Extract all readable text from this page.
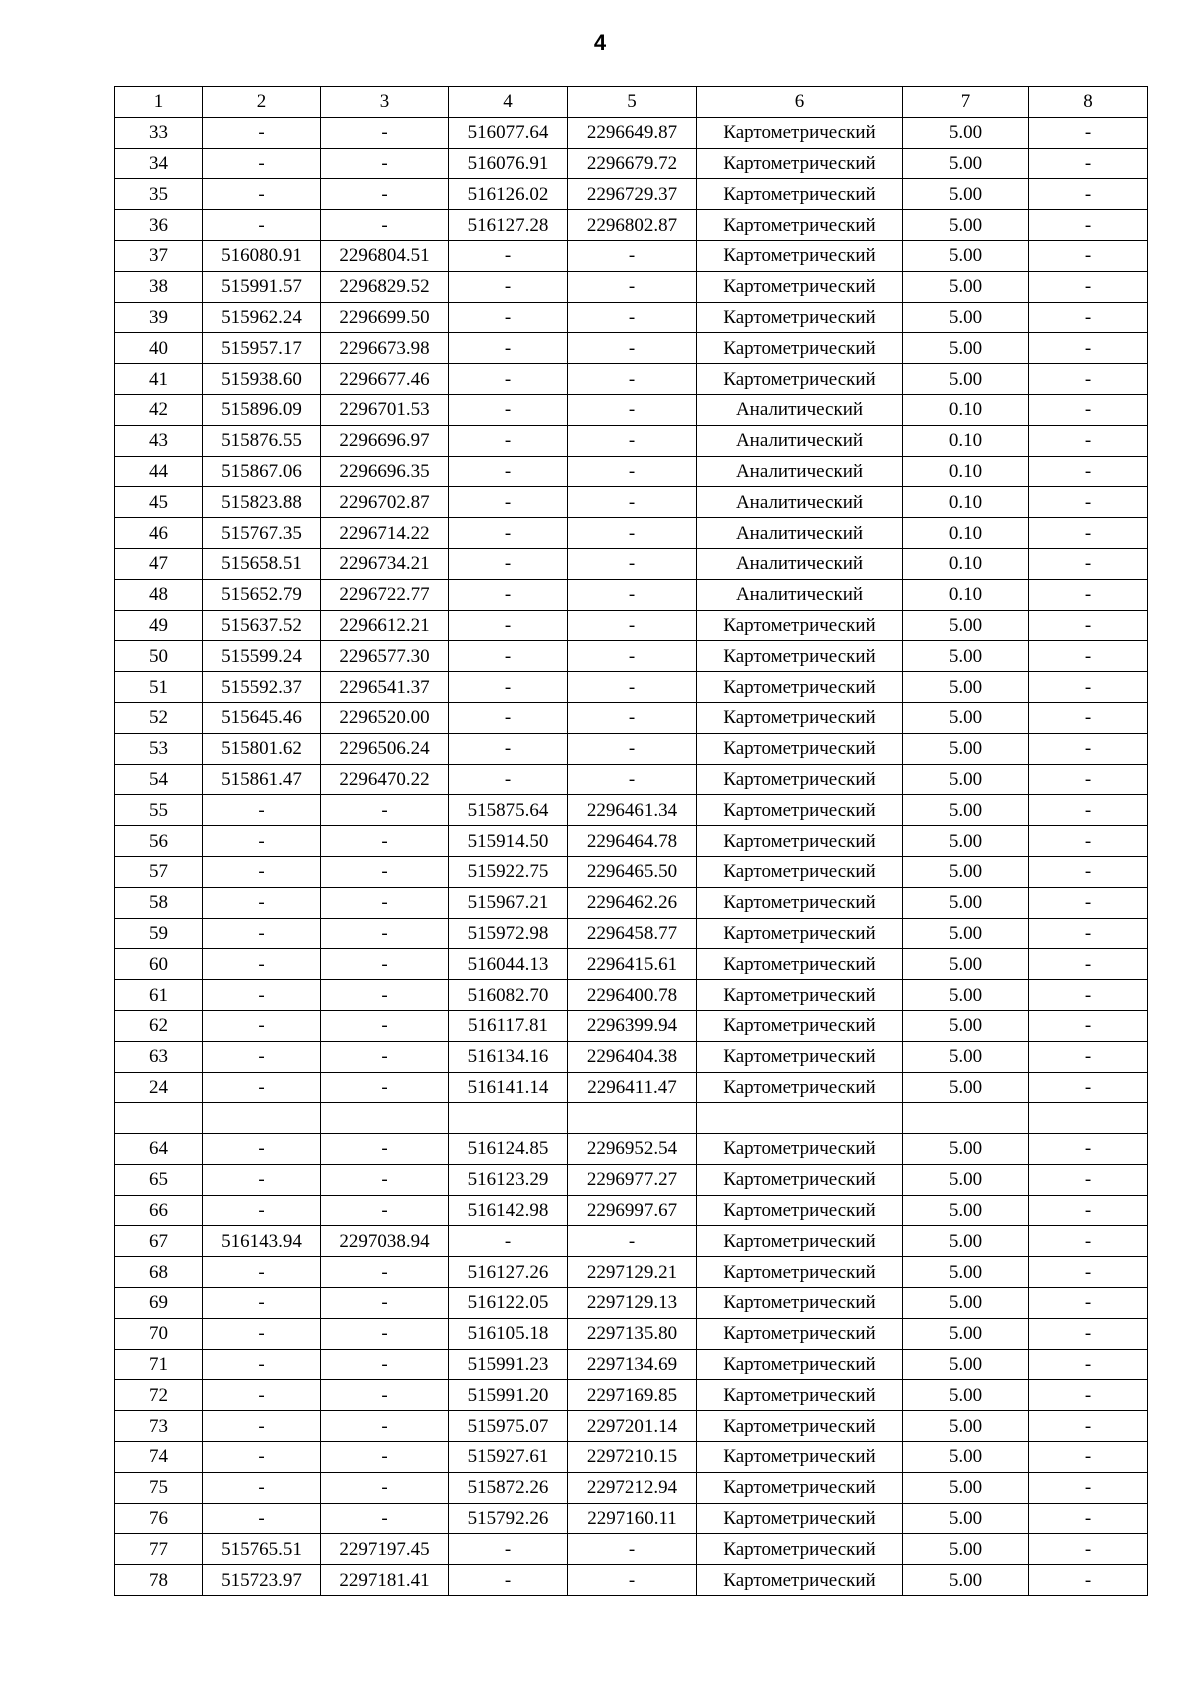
4
1	2	3	4	5	6	7	8
33	-	-	516077.64	2296649.87	Картометрический	5.00	-
34	-	-	516076.91	2296679.72	Картометрический	5.00	-
35	-	-	516126.02	2296729.37	Картометрический	5.00	-
36	-	-	516127.28	2296802.87	Картометрический	5.00	-
37	516080.91	2296804.51	-	-	Картометрический	5.00	-
38	515991.57	2296829.52	-	-	Картометрический	5.00	-
39	515962.24	2296699.50	-	-	Картометрический	5.00	-
40	515957.17	2296673.98	-	-	Картометрический	5.00	-
41	515938.60	2296677.46	-	-	Картометрический	5.00	-
42	515896.09	2296701.53	-	-	Аналитический	0.10	-
43	515876.55	2296696.97	-	-	Аналитический	0.10	-
44	515867.06	2296696.35	-	-	Аналитический	0.10	-
45	515823.88	2296702.87	-	-	Аналитический	0.10	-
46	515767.35	2296714.22	-	-	Аналитический	0.10	-
47	515658.51	2296734.21	-	-	Аналитический	0.10	-
48	515652.79	2296722.77	-	-	Аналитический	0.10	-
49	515637.52	2296612.21	-	-	Картометрический	5.00	-
50	515599.24	2296577.30	-	-	Картометрический	5.00	-
51	515592.37	2296541.37	-	-	Картометрический	5.00	-
52	515645.46	2296520.00	-	-	Картометрический	5.00	-
53	515801.62	2296506.24	-	-	Картометрический	5.00	-
54	515861.47	2296470.22	-	-	Картометрический	5.00	-
55	-	-	515875.64	2296461.34	Картометрический	5.00	-
56	-	-	515914.50	2296464.78	Картометрический	5.00	-
57	-	-	515922.75	2296465.50	Картометрический	5.00	-
58	-	-	515967.21	2296462.26	Картометрический	5.00	-
59	-	-	515972.98	2296458.77	Картометрический	5.00	-
60	-	-	516044.13	2296415.61	Картометрический	5.00	-
61	-	-	516082.70	2296400.78	Картометрический	5.00	-
62	-	-	516117.81	2296399.94	Картометрический	5.00	-
63	-	-	516134.16	2296404.38	Картометрический	5.00	-
24	-	-	516141.14	2296411.47	Картометрический	5.00	-

64	-	-	516124.85	2296952.54	Картометрический	5.00	-
65	-	-	516123.29	2296977.27	Картометрический	5.00	-
66	-	-	516142.98	2296997.67	Картометрический	5.00	-
67	516143.94	2297038.94	-	-	Картометрический	5.00	-
68	-	-	516127.26	2297129.21	Картометрический	5.00	-
69	-	-	516122.05	2297129.13	Картометрический	5.00	-
70	-	-	516105.18	2297135.80	Картометрический	5.00	-
71	-	-	515991.23	2297134.69	Картометрический	5.00	-
72	-	-	515991.20	2297169.85	Картометрический	5.00	-
73	-	-	515975.07	2297201.14	Картометрический	5.00	-
74	-	-	515927.61	2297210.15	Картометрический	5.00	-
75	-	-	515872.26	2297212.94	Картометрический	5.00	-
76	-	-	515792.26	2297160.11	Картометрический	5.00	-
77	515765.51	2297197.45	-	-	Картометрический	5.00	-
78	515723.97	2297181.41	-	-	Картометрический	5.00	-
